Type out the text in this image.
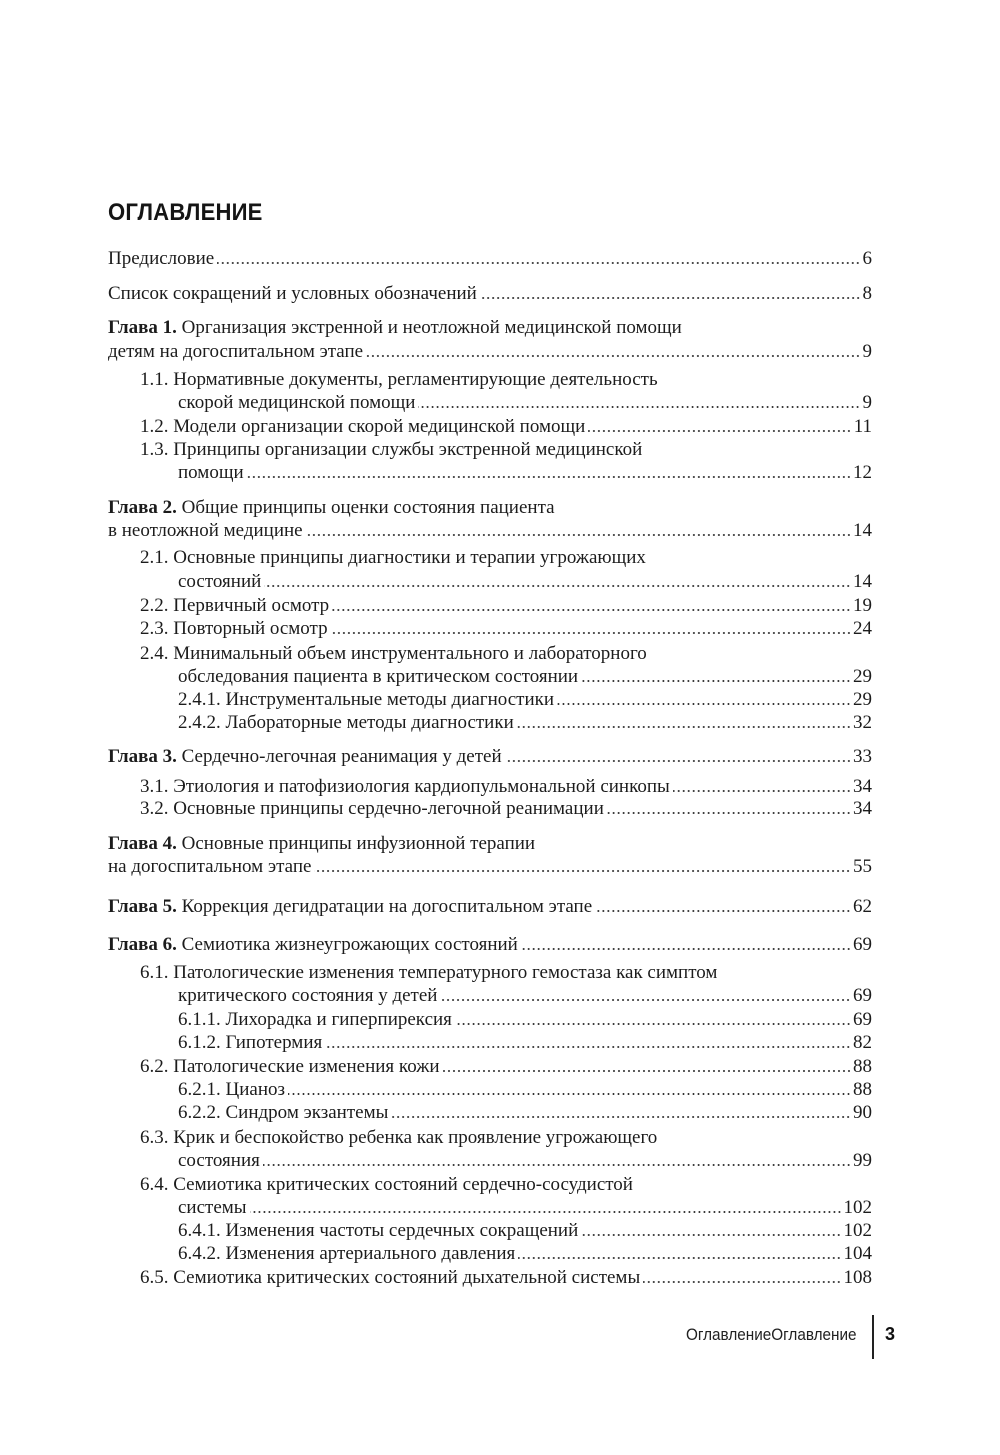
ОГЛАВЛЕНИЕ
Предисловие	6
Список сокращений и условных обозначений	8
Глава 1. Организация экстренной и неотложной медицинской помощи
детям на догоспитальном этапе	9
1.1. Нормативные документы, регламентирующие деятельность
скорой медицинской помощи	9
1.2. Модели организации скорой медицинской помощи	11
1.3. Принципы организации службы экстренной медицинской
помощи	12
Глава 2. Общие принципы оценки состояния пациента
в неотложной медицине	14
2.1. Основные принципы диагностики и терапии угрожающих
состояний	14
2.2. Первичный осмотр	19
2.3. Повторный осмотр	24
2.4. Минимальный объем инструментального и лабораторного
обследования пациента в критическом состоянии	29
2.4.1. Инструментальные методы диагностики	29
2.4.2. Лабораторные методы диагностики	32
Глава 3. Сердечно-легочная реанимация у детей	33
3.1. Этиология и патофизиология кардиопульмональной синкопы	34
3.2. Основные принципы сердечно-легочной реанимации	34
Глава 4. Основные принципы инфузионной терапии
на догоспитальном этапе	55
Глава 5. Коррекция дегидратации на догоспитальном этапе	62
Глава 6. Семиотика жизнеугрожающих состояний	69
6.1. Патологические изменения температурного гемостаза как симптом
критического состояния у детей	69
6.1.1. Лихорадка и гиперпирексия	69
6.1.2. Гипотермия	82
6.2. Патологические изменения кожи	88
6.2.1. Цианоз	88
6.2.2. Синдром экзантемы	90
6.3. Крик и беспокойство ребенка как проявление угрожающего
состояния	99
6.4. Семиотика критических состояний сердечно-сосудистой
системы	102
6.4.1. Изменения частоты сердечных сокращений	102
6.4.2. Изменения артериального давления	104
6.5. Семиотика критических состояний дыхательной системы	108
ОглавлениеОглавление 3
